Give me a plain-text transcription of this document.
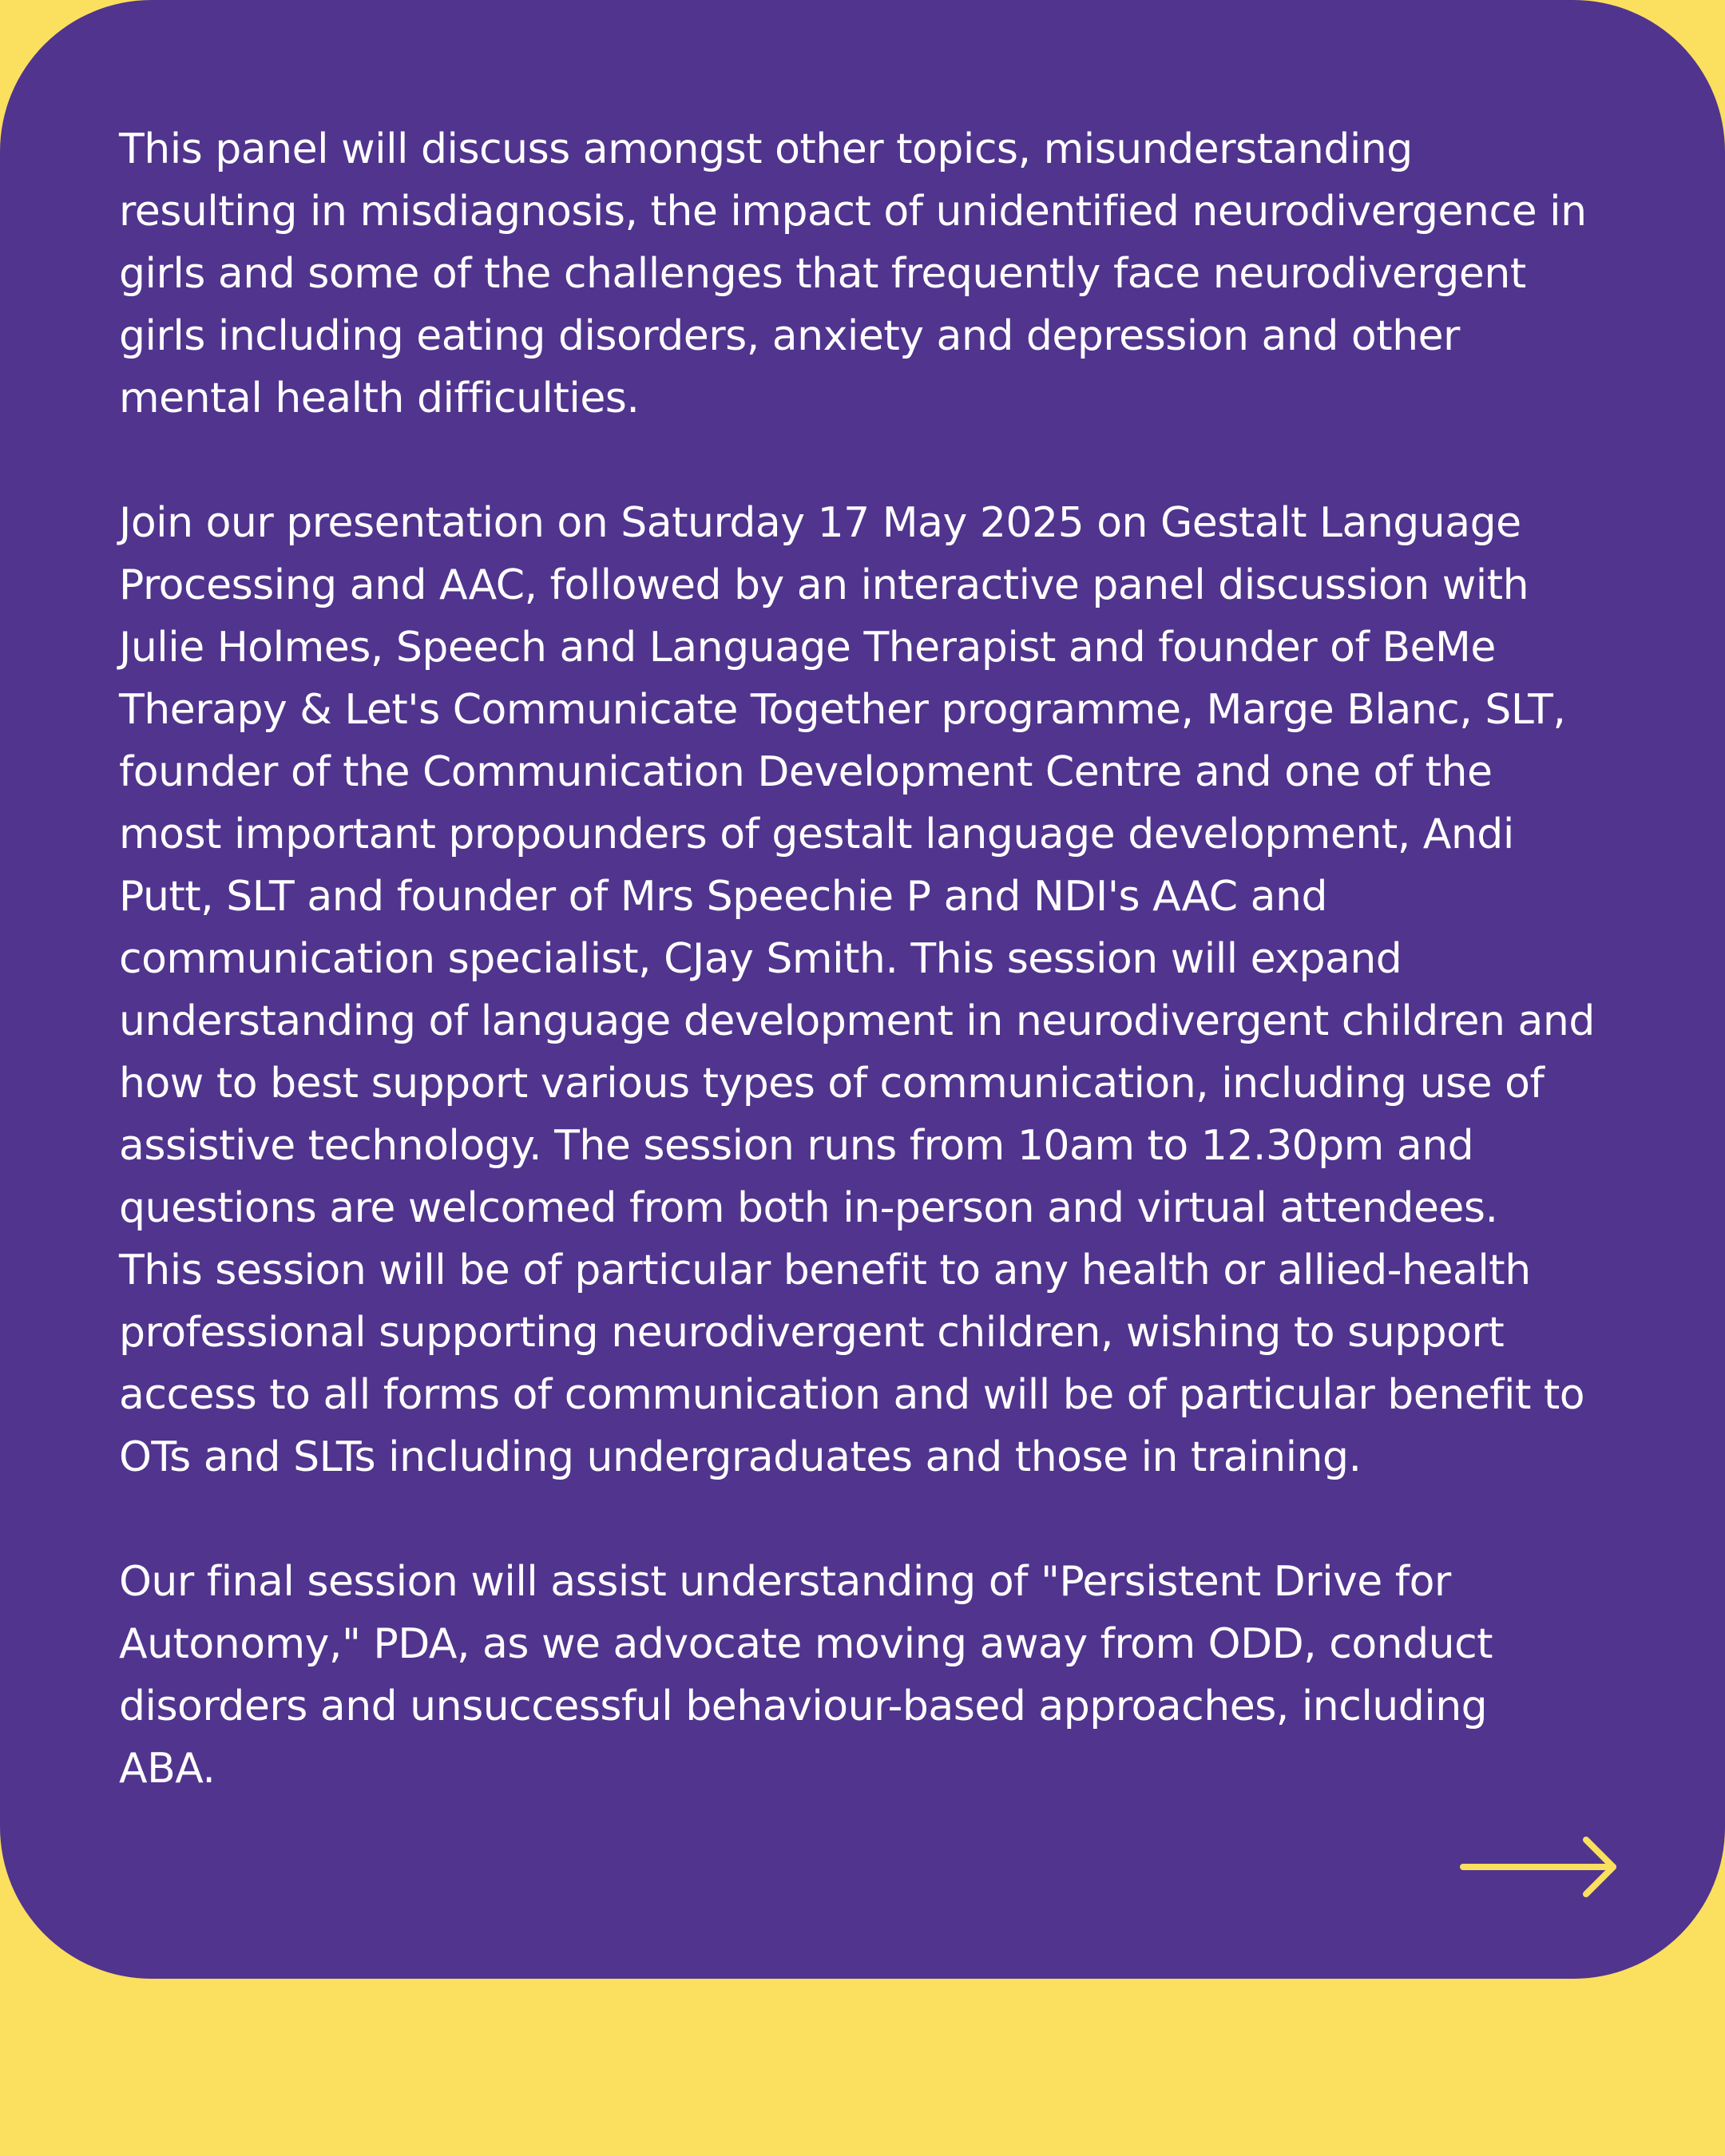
This panel will discuss amongst other topics, misunderstanding
resulting in misdiagnosis, the impact of unidentified neurodivergence in
girls and some of the challenges that frequently face neurodivergent
girls including eating disorders, anxiety and depression and other
mental health difficulties.

Join our presentation on Saturday 17 May 2025 on Gestalt Language
Processing and AAC, followed by an interactive panel discussion with
Julie Holmes, Speech and Language Therapist and founder of BeMe
Therapy & Let's Communicate Together programme, Marge Blanc, SLT,
founder of the Communication Development Centre and one of the
most important propounders of gestalt language development, Andi
Putt, SLT and founder of Mrs Speechie P and NDI's AAC and
communication specialist, CJay Smith. This session will expand
understanding of language development in neurodivergent children and
how to best support various types of communication, including use of
assistive technology. The session runs from 10am to 12.30pm and
questions are welcomed from both in-person and virtual attendees.
This session will be of particular benefit to any health or allied-health
professional supporting neurodivergent children, wishing to support
access to all forms of communication and will be of particular benefit to
OTs and SLTs including undergraduates and those in training.

Our final session will assist understanding of "Persistent Drive for
Autonomy," PDA, as we advocate moving away from ODD, conduct
disorders and unsuccessful behaviour-based approaches, including
ABA.
